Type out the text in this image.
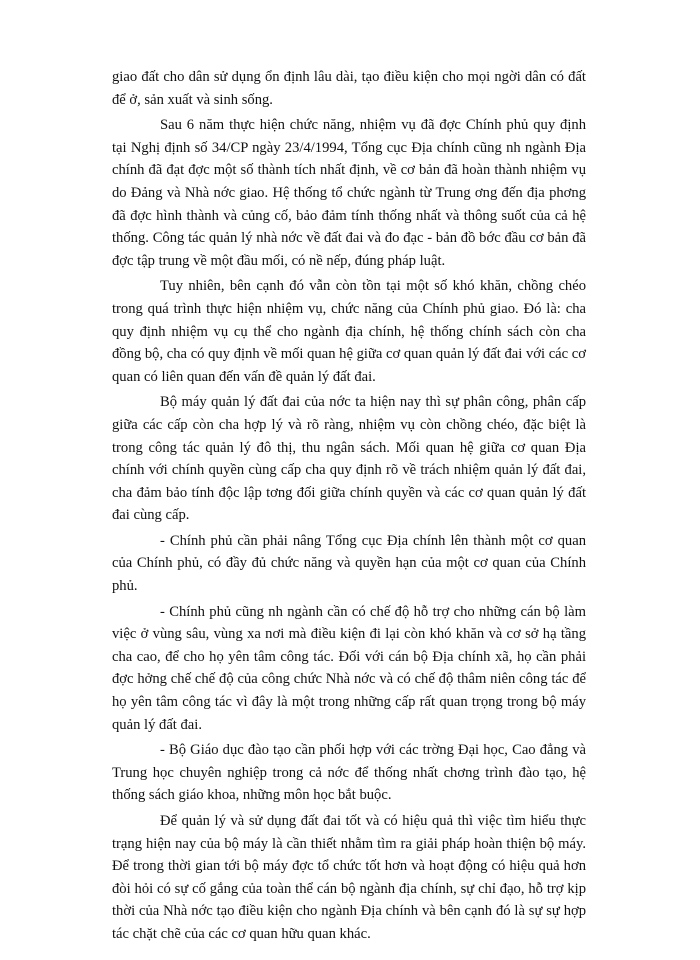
giao đất cho dân sử dụng ổn định lâu dài, tạo điều kiện cho mọi ngời dân có đất để ở, sản xuất và sinh sống.

Sau 6 năm thực hiện chức năng, nhiệm vụ đã đợc Chính phủ quy định tại Nghị định số 34/CP ngày 23/4/1994, Tổng cục Địa chính cũng nh ngành Địa chính đã đạt đợc một số thành tích nhất định, về cơ bản đã hoàn thành nhiệm vụ do Đảng và Nhà nớc giao. Hệ thống tổ chức ngành từ Trung ơng đến địa phơng đã đợc hình thành và củng cố, bảo đảm tính thống nhất và thông suốt của cả hệ thống. Công tác quản lý nhà nớc về đất đai và đo đạc - bản đồ bớc đầu cơ bản đã đợc tập trung về một đầu mối, có nề nếp, đúng pháp luật.

Tuy nhiên, bên cạnh đó vẫn còn tồn tại một số khó khăn, chồng chéo trong quá trình thực hiện nhiệm vụ, chức năng của Chính phủ giao. Đó là: cha quy định nhiệm vụ cụ thể cho ngành địa chính, hệ thống chính sách còn cha đồng bộ, cha có quy định về mối quan hệ giữa cơ quan quản lý đất đai với các cơ quan có liên quan đến vấn đề quản lý đất đai.

Bộ máy quản lý đất đai của nớc ta hiện nay thì sự phân công, phân cấp giữa các cấp còn cha hợp lý và rõ ràng, nhiệm vụ còn chồng chéo, đặc biệt là trong công tác quản lý đô thị, thu ngân sách. Mối quan hệ giữa cơ quan Địa chính với chính quyền cùng cấp cha quy định rõ về trách nhiệm quản lý đất đai, cha đảm bảo tính độc lập tơng đối giữa chính quyền và các cơ quan quản lý đất đai cùng cấp.

- Chính phủ cần phải nâng Tổng cục Địa chính lên thành một cơ quan của Chính phủ, có đầy đủ chức năng và quyền hạn của một cơ quan của Chính phủ.

- Chính phủ cũng nh ngành cần có chế độ hỗ trợ cho những cán bộ làm việc ở vùng sâu, vùng xa nơi mà điều kiện đi lại còn khó khăn và cơ sở hạ tầng cha cao, để cho họ yên tâm công tác. Đối với cán bộ Địa chính xã, họ cần phải đợc hởng chế chế độ của công chức Nhà nớc và có chế độ thâm niên công tác để họ yên tâm công tác vì đây là một trong những cấp rất quan trọng trong bộ máy quản lý đất đai.

- Bộ Giáo dục đào tạo cần phối hợp với các trờng Đại học, Cao đẳng và Trung học chuyên nghiệp trong cả nớc để thống nhất chơng trình đào tạo, hệ thống sách giáo khoa, những môn học bắt buộc.

Để quản lý và sử dụng đất đai tốt và có hiệu quả thì việc tìm hiểu thực trạng hiện nay của bộ máy là cần thiết nhằm tìm ra giải pháp hoàn thiện bộ máy. Để trong thời gian tới bộ máy đợc tổ chức tốt hơn và hoạt động có hiệu quả hơn đòi hỏi có sự cố gắng của toàn thể cán bộ ngành địa chính, sự chỉ đạo, hỗ trợ kịp thời của Nhà nớc tạo điều kiện cho ngành Địa chính và bên cạnh đó là sự sự hợp tác chặt chẽ của các cơ quan hữu quan khác.
